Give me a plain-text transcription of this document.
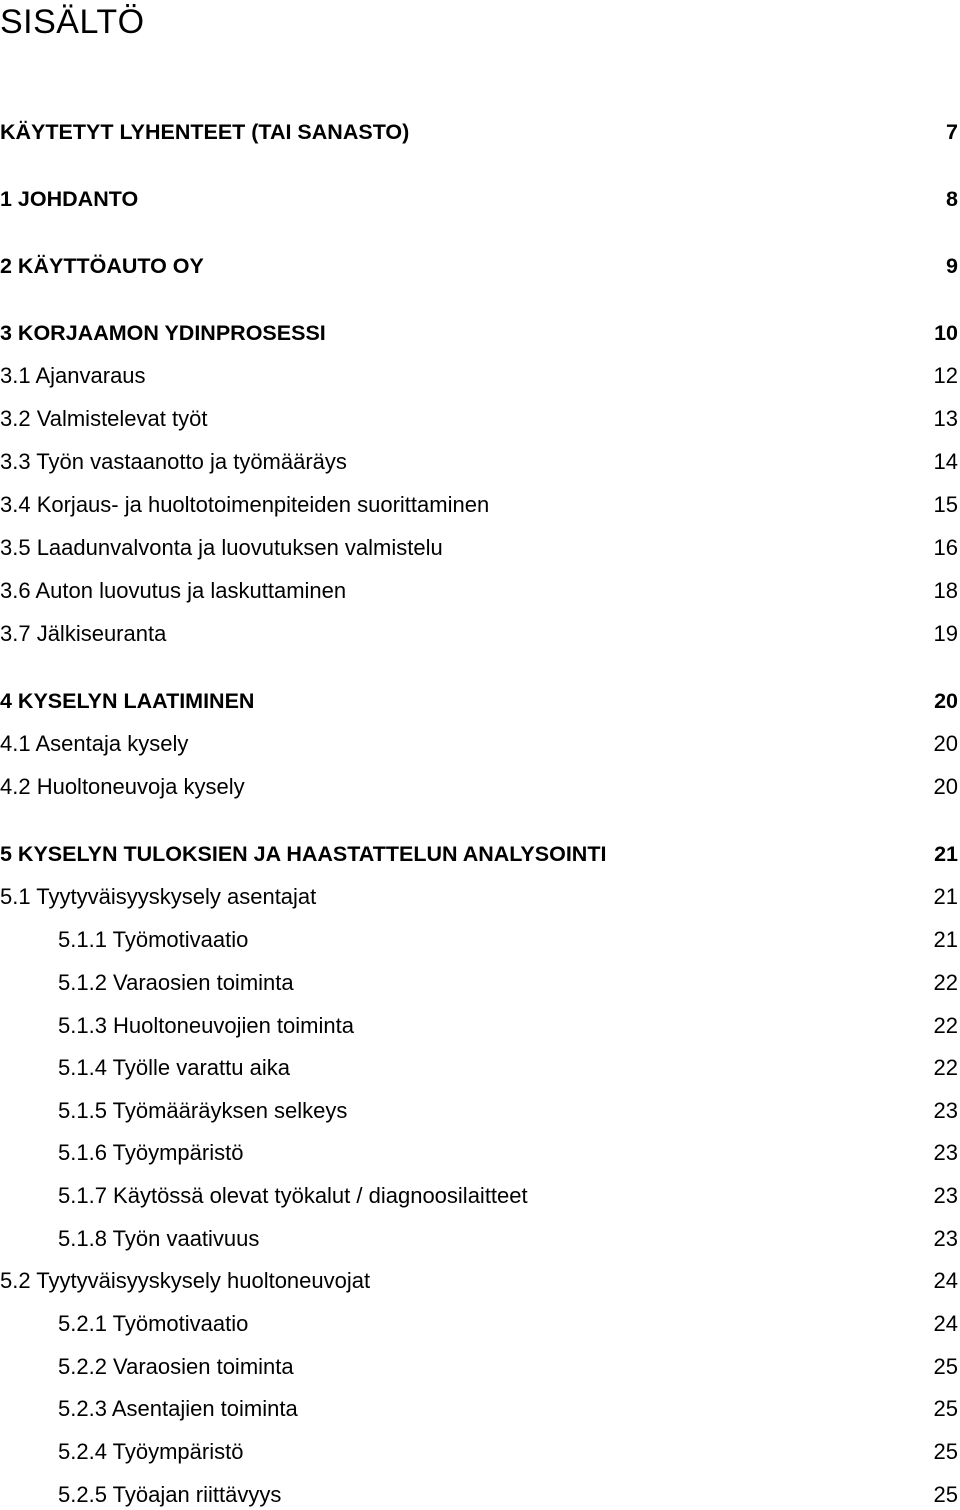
SISÄLTÖ
KÄYTETYT LYHENTEET (TAI SANASTO)	7
1 JOHDANTO	8
2 KÄYTTÖAUTO OY	9
3 KORJAAMON YDINPROSESSI	10
3.1 Ajanvaraus	12
3.2 Valmistelevat työt	13
3.3 Työn vastaanotto ja työmääräys	14
3.4 Korjaus- ja huoltotoimenpiteiden suorittaminen	15
3.5 Laadunvalvonta ja luovutuksen valmistelu	16
3.6 Auton luovutus ja laskuttaminen	18
3.7 Jälkiseuranta	19
4 KYSELYN LAATIMINEN	20
4.1 Asentaja kysely	20
4.2 Huoltoneuvoja kysely	20
5 KYSELYN TULOKSIEN JA HAASTATTELUN ANALYSOINTI	21
5.1 Tyytyväisyyskysely asentajat	21
5.1.1 Työmotivaatio	21
5.1.2 Varaosien toiminta	22
5.1.3 Huoltoneuvojien toiminta	22
5.1.4 Työlle varattu aika	22
5.1.5 Työmääräyksen selkeys	23
5.1.6 Työympäristö	23
5.1.7 Käytössä olevat työkalut / diagnoosilaitteet	23
5.1.8 Työn vaativuus	23
5.2 Tyytyväisyyskysely huoltoneuvojat	24
5.2.1 Työmotivaatio	24
5.2.2 Varaosien toiminta	25
5.2.3 Asentajien toiminta	25
5.2.4 Työympäristö	25
5.2.5 Työajan riittävyys	25
